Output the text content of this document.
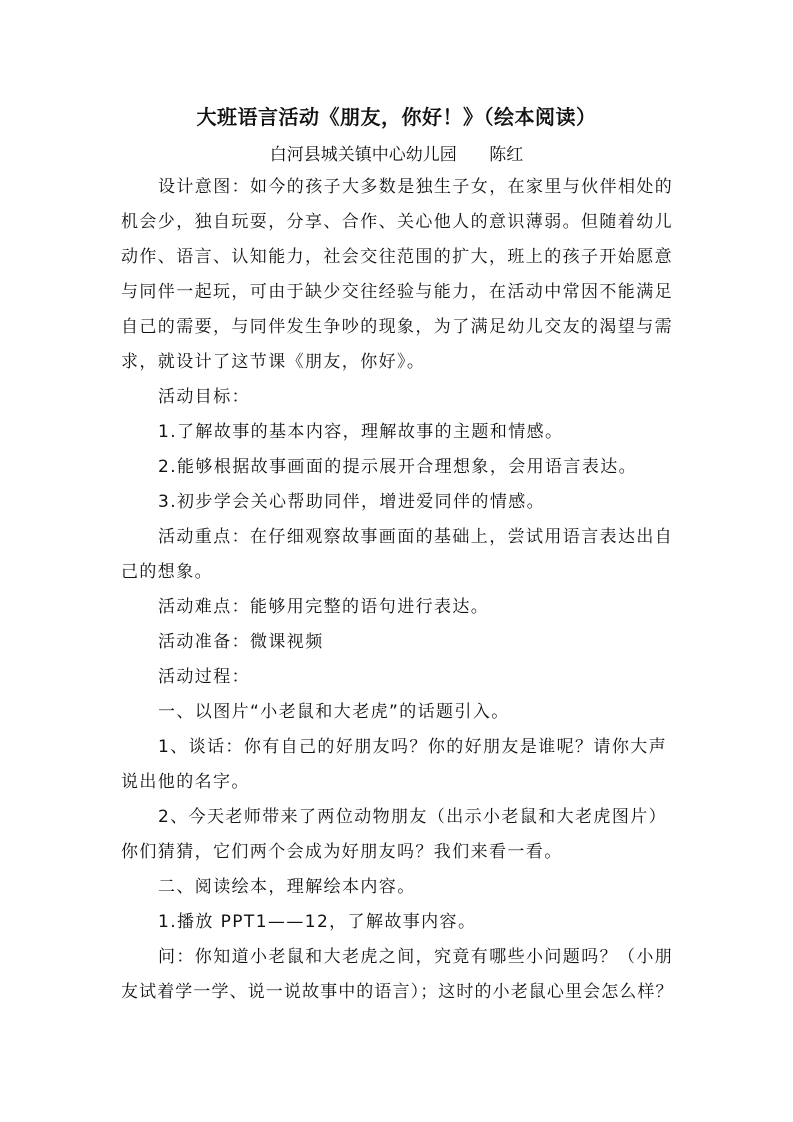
大班语言活动《朋友，你好！》（绘本阅读）
白河县城关镇中心幼儿园      陈红
设计意图：如今的孩子大多数是独生子女，在家里与伙伴相处的
机会少，独自玩耍，分享、合作、关心他人的意识薄弱。但随着幼儿
动作、语言、认知能力，社会交往范围的扩大，班上的孩子开始愿意
与同伴一起玩，可由于缺少交往经验与能力，在活动中常因不能满足
自己的需要，与同伴发生争吵的现象，为了满足幼儿交友的渴望与需
求，就设计了这节课《朋友，你好》。
活动目标：
1.了解故事的基本内容，理解故事的主题和情感。
2.能够根据故事画面的提示展开合理想象，会用语言表达。
3.初步学会关心帮助同伴，增进爱同伴的情感。
活动重点：在仔细观察故事画面的基础上，尝试用语言表达出自
己的想象。
活动难点：能够用完整的语句进行表达。
活动准备：微课视频
活动过程：
一、以图片“小老鼠和大老虎”的话题引入。
1、谈话：你有自己的好朋友吗？你的好朋友是谁呢？请你大声
说出他的名字。
2、今天老师带来了两位动物朋友（出示小老鼠和大老虎图片）
你们猜猜，它们两个会成为好朋友吗？我们来看一看。
二、阅读绘本，理解绘本内容。
1.播放 PPT1——12，了解故事内容。
问：你知道小老鼠和大老虎之间，究竟有哪些小问题吗？（小朋
友试着学一学、说一说故事中的语言）；这时的小老鼠心里会怎么样？
